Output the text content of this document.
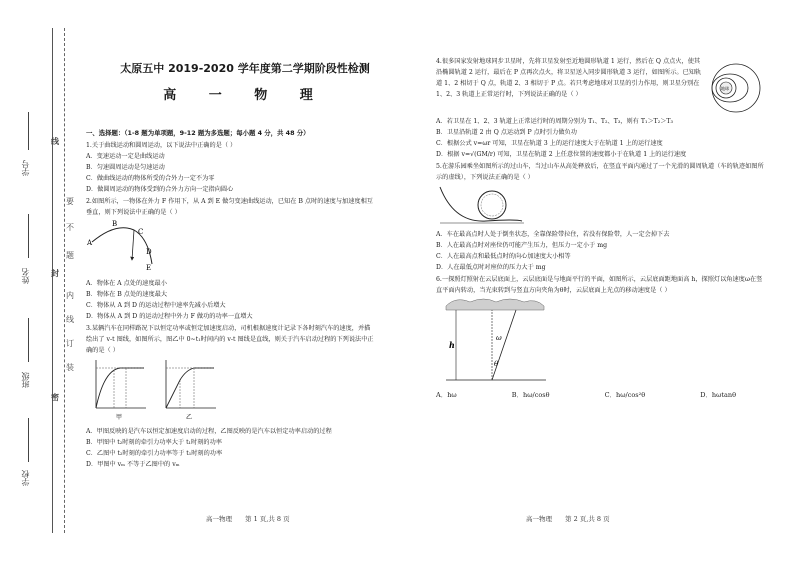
学号
姓名
班级
学校
线
要
不
题
封
内
线
订
装
密
太原五中 2019-2020 学年度第二学期阶段性检测
高 一 物 理

一、选择题：（1-8 题为单项题，9-12 题为多选题；每小题 4 分，共 48 分）

1.关于曲线运动和圆周运动，以下说法中正确的是（ ）

A．变速运动一定是曲线运动

B．匀速圆周运动是匀速运动

C．做曲线运动的物体所受的合外力一定不为零

D．做圆周运动的物体受到的合外力方向一定指向圆心

2.如图所示，一物体在外力 F 作用下，从 A 到 E 做匀变速曲线运动，已知在 B 点时的速度与加速度相互垂直，则下列说法中正确的是（ ）

A
B
C
D
E

A．物体在 A 点处的速度最小

B．物体在 B 点处的速度最大

C．物体从 A 到 D 的运动过程中速率先减小后增大

D．物体从 A 到 D 的运动过程中外力 F 做功的功率一直增大

3.某辆汽车在同样路况下以恒定功率或恒定加速度启动，司机根据速度计记录下各时刻汽车的速度，并描绘出了 v-t 图线，如图所示，图乙中 0~t₁时间内的 v-t 图线是直线，则关于汽车启动过程的下列说法中正确的是（ ）

甲	乙

A．甲图反映的是汽车以恒定加速度启动的过程，乙图反映的是汽车以恒定功率启动的过程

B．甲图中 t₂时刻的牵引力功率大于 t₁时刻的功率

C．乙图中 t₂时刻的牵引力功率等于 t₁时刻的功率

D．甲图中 vₘ 不等于乙图中的 vₘ

4.很多国家发射地球同步卫星时，先将卫星发射至近地圆形轨道 1 运行，然后在 Q 点点火，使其沿椭圆轨道 2 运行，最后在 P 点再次点火，将卫星送入同步圆形轨道 3 运行，如图所示。已知轨道 1、2 相切于 Q 点，轨道 2、3 相切于 P 点。若只考虑地球对卫星的引力作用，则卫星分别在 1、2、3 轨道上正常运行时，下列说法正确的是（ ）

地球

A．若卫星在 1、2、3 轨道上正常运行时的周期分别为 T₁、T₂、T₃，则有 T₁＞T₂＞T₃

B．卫星沿轨道 2 由 Q 点运动到 P 点时引力做负功

C．根据公式 v=ωr 可知，卫星在轨道 3 上的运行速度大于在轨道 1 上的运行速度

D．根据 v=√(GM/r) 可知，卫星在轨道 2 上任意位置的速度都小于在轨道 1 上的运行速度

5.在游乐园乘坐如图所示的过山车，当过山车从高处释放后，在竖直平面内通过了一个光滑的圆周轨道（车的轨迹如图所示的虚线），下列说法正确的是（ ）

A．车在最高点时人处于倒坐状态，全靠保险带拉住，若没有保险带，人一定会掉下去

B．人在最高点时对座位仍可能产生压力，但压力一定小于 mg

C．人在最高点和最低点时的向心加速度大小相等

D．人在最低点时对座位的压力大于 mg

6.一探照灯照射在云层底面上，云层底面是与地面平行的平面，如图所示，云层底面距地面高 h，探照灯以角速度ω在竖直平面内转动，当光束转到与竖直方向夹角为θ时，云层底面上光点的移动速度是（ ）

h
ω
θ
A．hω	B．hω/cosθ	C．hω/cos²θ	D．hωtanθ
高一物理　　第 1 页,共 8 页	高一物理　　第 2 页,共 8 页
